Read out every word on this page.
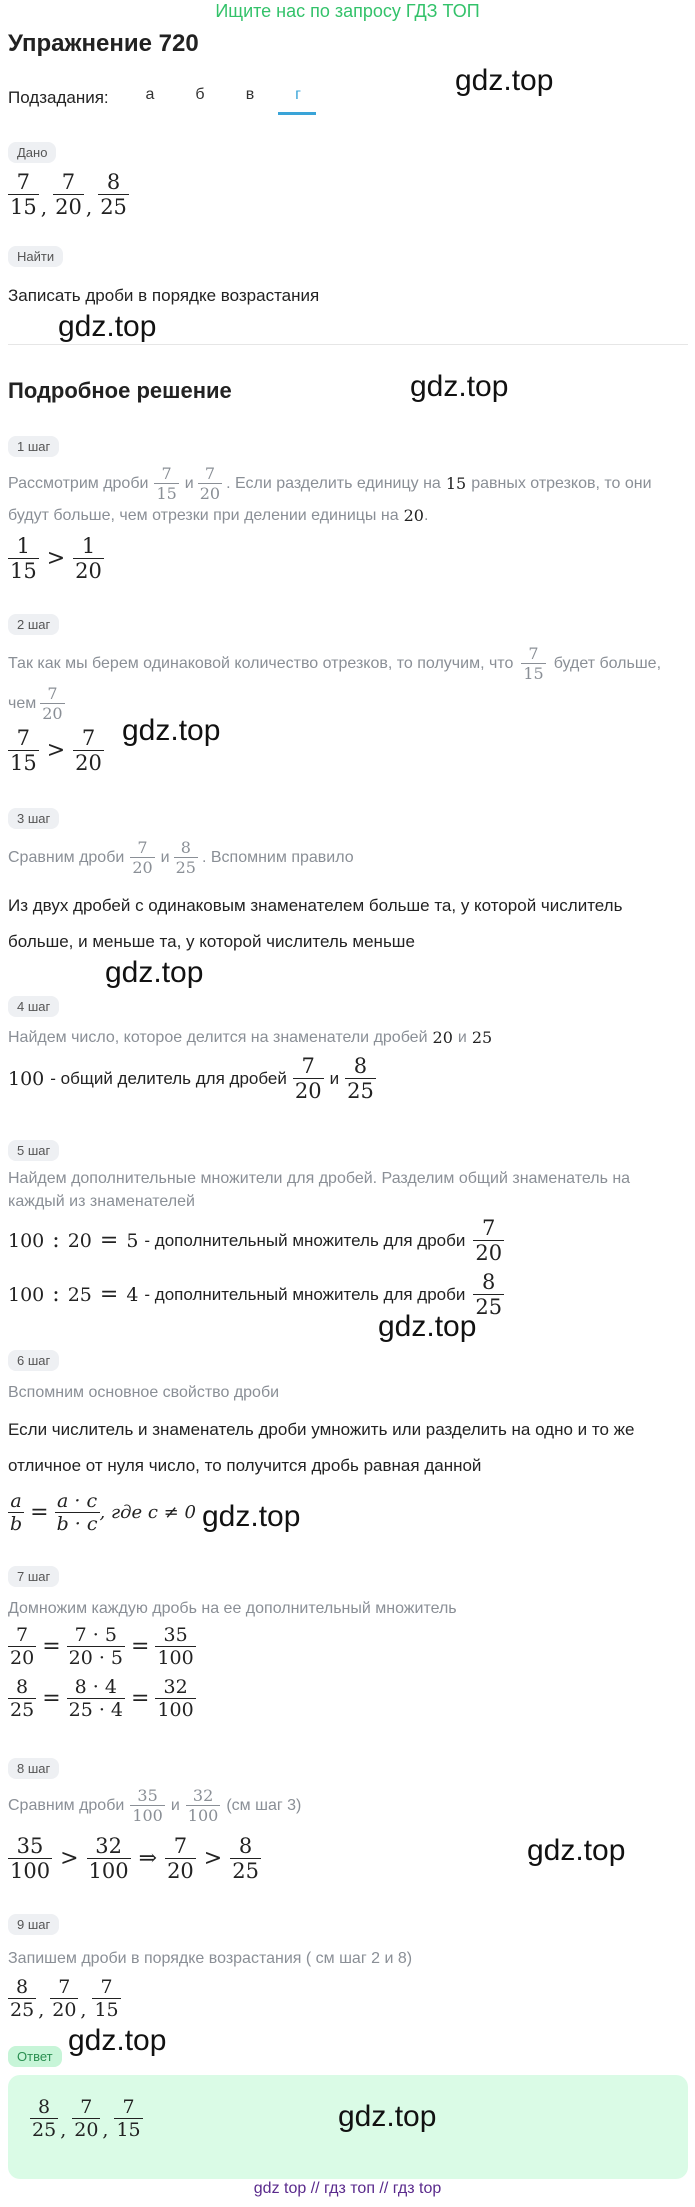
Ищите нас по запросу ГДЗ ТОП
Упражнение 720
Подзадания:	а	б	в	г	gdz.top
Дано
$\frac{7}{15}$ , $\frac{7}{20}$ , $\frac{8}{25}$
Найти
Записать дроби в порядке возрастания
gdz.top
Подробное решение	gdz.top
1 шаг
Рассмотрим дроби $\frac{7}{15}$ и $\frac{7}{20}$ . Если разделить единицу на 15 равных отрезков, то они
будут больше, чем отрезки при делении единицы на 20 .
$\frac{1}{15} > \frac{1}{20}$
2 шаг
Так как мы берем одинаковой количество отрезков, то получим, что $\frac{7}{15}$ будет больше,
чем $\frac{7}{20}$
$\frac{7}{15} > \frac{7}{20} gdz.top$
3 шаг
Сравним дроби $\frac{7}{20}$ и $\frac{8}{25}$ . Вспомним правило
Из двух дробей с одинаковым знаменателем больше та, у которой числитель
больше, и меньше та, у которой числитель меньше
gdz.top
4 шаг
Найдем число, которое делится на знаменатели дробей 20 и 25
100 - общий делитель для дробей $\frac{7}{20}$ и $\frac{8}{25}$
5 шаг
Найдем дополнительные множители для дробей. Разделим общий знаменатель на
каждый из знаменателей
100 : 20 = 5 - дополнительный множитель для дроби $\frac{7}{20}$
100 : 25 = 4 - дополнительный множитель для дроби $\frac{8}{25}$
gdz.top
6 шаг
Вспомним основное свойство дроби
Если числитель и знаменатель дроби умножить или разделить на одно и то же
отличное от нуля число, то получится дробь равная данной
$\frac{a}{b} = \frac{a \cdot c}{b \cdot c}$ , где c ≠ 0 gdz.top
7 шаг
Домножим каждую дробь на ее дополнительный множитель
$\frac{7}{20} = \frac{7 \cdot 5}{20 \cdot 5} = \frac{35}{100}$
$\frac{8}{25} = \frac{8 \cdot 4}{25 \cdot 4} = \frac{32}{100}$
8 шаг
Сравним дроби $\frac{35}{100}$ и $\frac{32}{100} (см$ шаг 3)
$\frac{35}{100} > \frac{32}{100}$ ⇒ $\frac{7}{20} > \frac{8}{25}$	gdz.top
9 шаг
Запишем дроби в порядке возрастания ( см шаг 2 и 8)
$\frac{8}{25}$ , $\frac{7}{20}$ , $\frac{7}{15}$
gdz.top
Ответ
$\frac{8}{25}$ , $\frac{7}{20}$ , $\frac{7}{15}$	gdz.top
gdz top // гдз топ // гдз top
